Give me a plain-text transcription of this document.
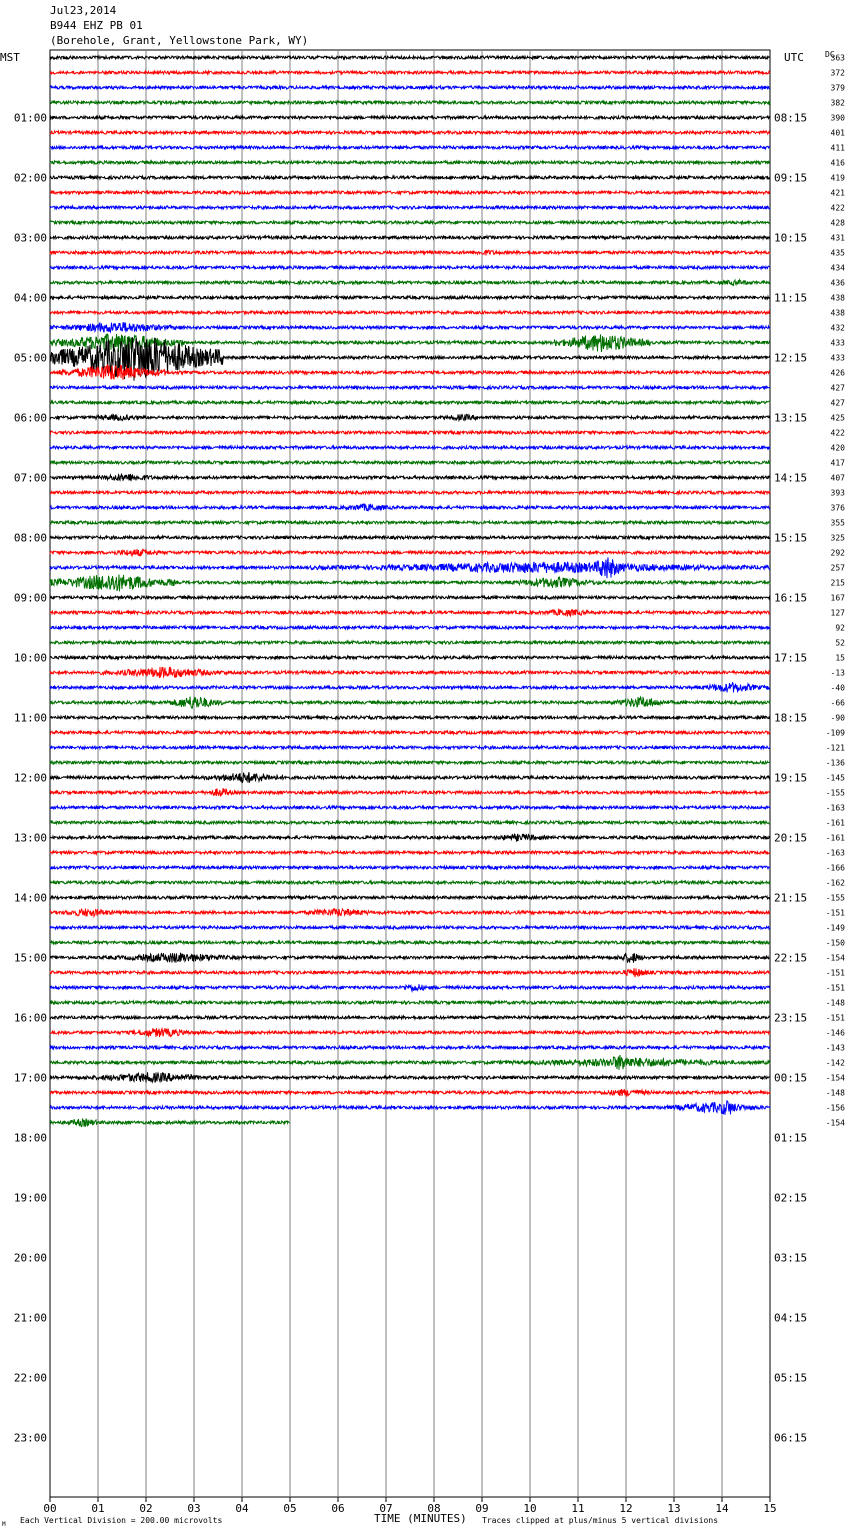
Jul23,2014
B944 EHZ PB 01
(Borehole, Grant, Yellowstone Park, WY)
00	01	02	03	04	05	06	07	08	09	10	11	12	13	14	15
01:00
02:00
03:00
04:00
05:00
06:00
07:00
08:00
09:00
10:00
11:00
12:00
13:00
14:00
15:00
16:00
17:00
18:00
19:00
20:00
21:00
22:00
23:00
08:15
09:15
10:15
11:15
12:15
13:15
14:15
15:15
16:15
17:15
18:15
19:15
20:15
21:15
22:15
23:15
00:15
01:15
02:15
03:15
04:15
05:15
06:15
363
372
379
382
390
401
411
416
419
421
422
428
431
435
434
436
438
438
432
433
433
426
427
427
425
422
420
417
407
393
376
355
325
292
257
215
167
127
92
52
15
-13
-40
-66
-90
-109
-121
-136
-145
-155
-163
-161
-161
-163
-166
-162
-155
-151
-149
-150
-154
-151
-151
-148
-151
-146
-143
-142
-154
-148
-156
-154
MST	UTC	DC
TIME (MINUTES)
Each Vertical Division = 200.00 microvolts	Traces clipped at plus/minus 5 vertical divisions
M
